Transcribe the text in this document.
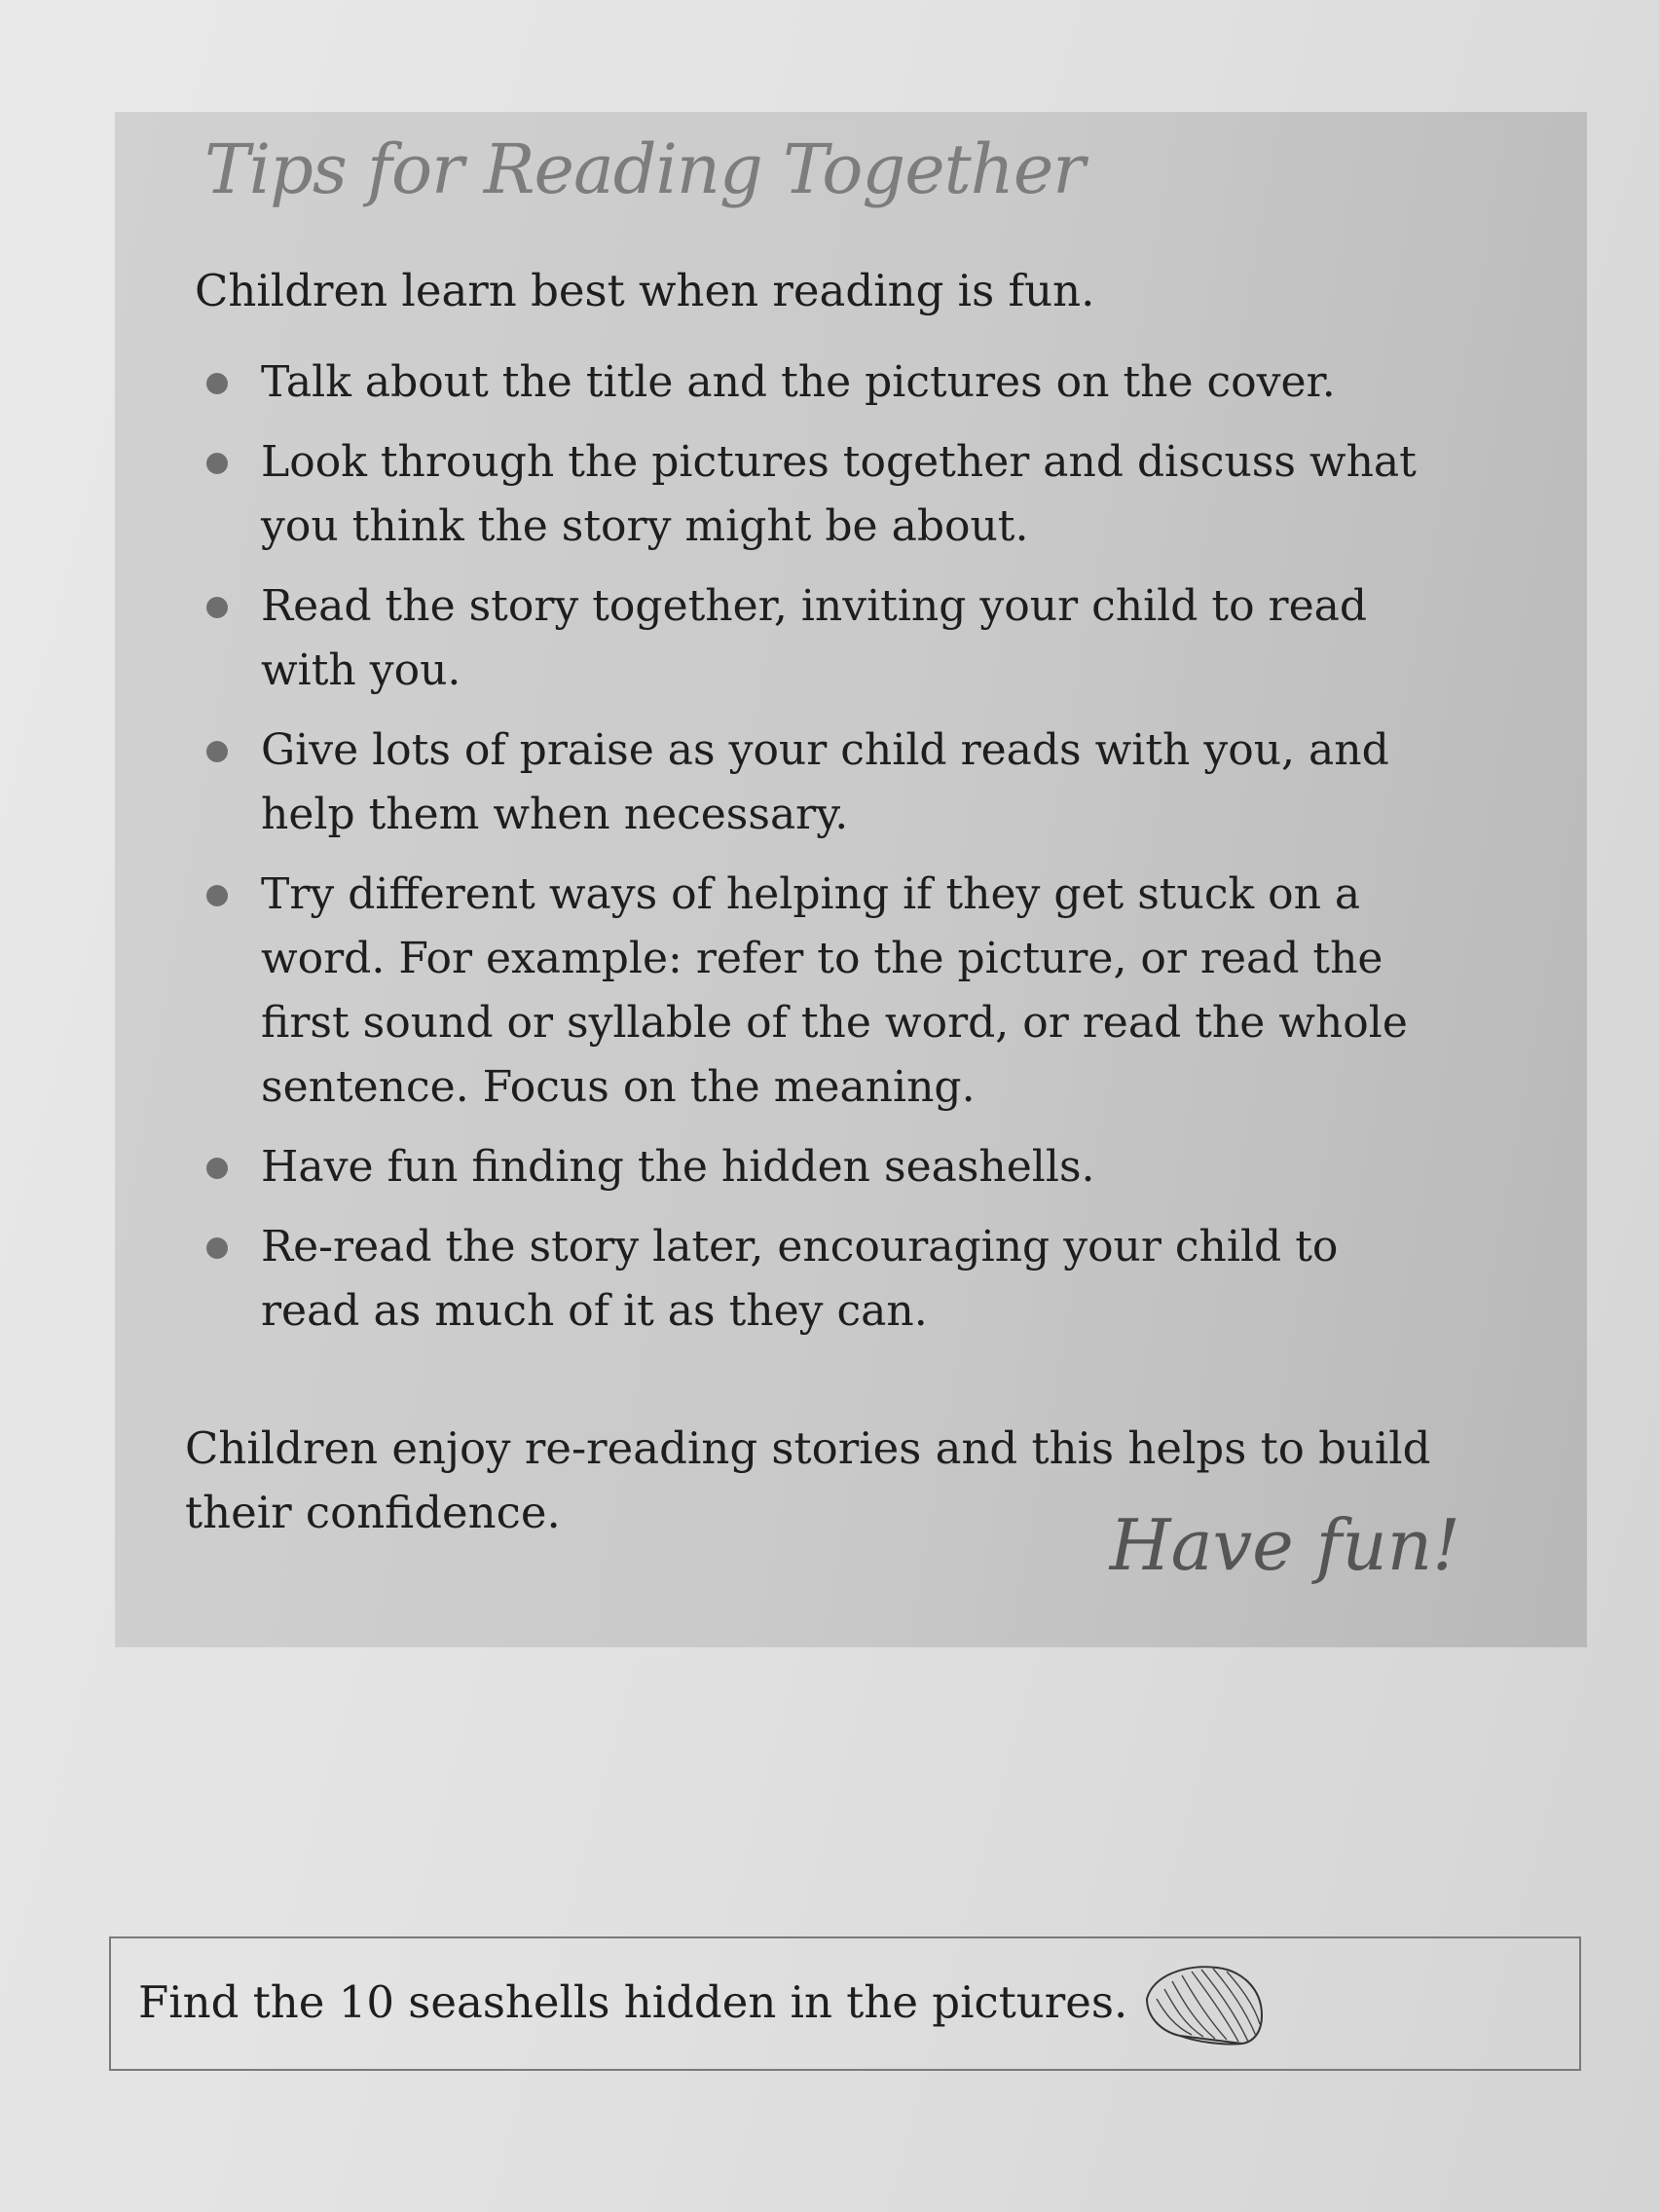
Tips for Reading Together

Children learn best when reading is fun.

Talk about the title and the pictures on the cover.
Look through the pictures together and discuss what
you think the story might be about.
Read the story together, inviting your child to read
with you.
Give lots of praise as your child reads with you, and
help them when necessary.
Try different ways of helping if they get stuck on a
word. For example: refer to the picture, or read the
first sound or syllable of the word, or read the whole
sentence. Focus on the meaning.
Have fun finding the hidden seashells.
Re-read the story later, encouraging your child to
read as much of it as they can.

Children enjoy re-reading stories and this helps to build
their confidence.	Have fun!

Find the 10 seashells hidden in the pictures.
